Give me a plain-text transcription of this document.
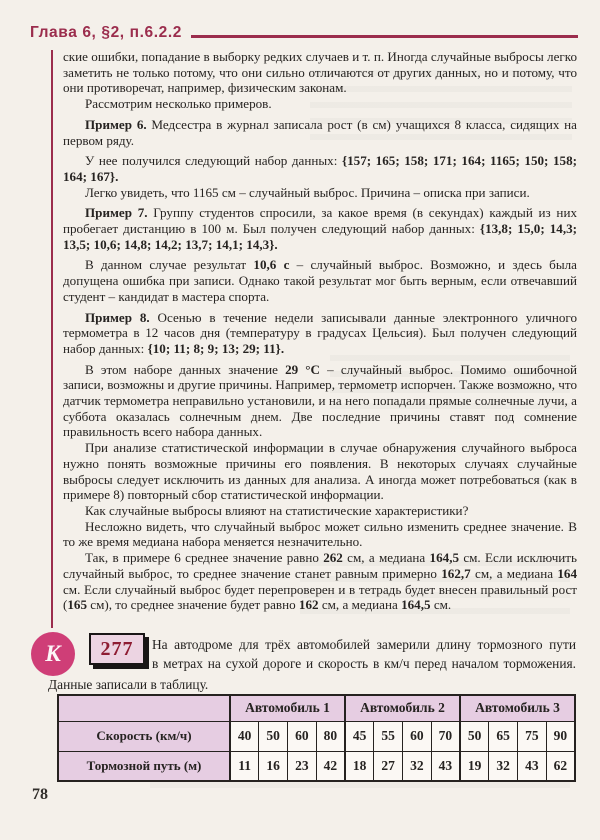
Глава 6, §2, п.6.2.2

ские ошибки, попадание в выборку редких случаев и т. п. Иногда случайные выбросы легко заметить не только потому, что они сильно отличаются от других данных, но и потому, что они противоречат, например, физическим законам.

Рассмотрим несколько примеров.

Пример 6. Медсестра в журнал записала рост (в см) учащихся 8 класса, сидящих на первом ряду.

У нее получился следующий набор данных: {157; 165; 158; 171; 164; 1165; 150; 158; 164; 167}.

Легко увидеть, что 1165 см – случайный выброс. Причина – описка при записи.

Пример 7. Группу студентов спросили, за какое время (в секундах) каждый из них пробегает дистанцию в 100 м. Был получен следующий набор данных: {13,8; 15,0; 14,3; 13,5; 10,6; 14,8; 14,2; 13,7; 14,1; 14,3}.

В данном случае результат 10,6 с – случайный выброс. Возможно, и здесь была допущена ошибка при записи. Однако такой результат мог быть верным, если отвечавший студент – кандидат в мастера спорта.

Пример 8. Осенью в течение недели записывали данные электронного уличного термометра в 12 часов дня (температуру в градусах Цельсия). Был получен следующий набор данных: {10; 11; 8; 9; 13; 29; 11}.

В этом наборе данных значение 29 °С – случайный выброс. Помимо ошибочной записи, возможны и другие причины. Например, термометр испорчен. Также возможно, что датчик термометра неправильно установили, и на него попадали прямые солнечные лучи, а суббота оказалась солнечным днем. Две последние причины ставят под сомнение правильность всего набора данных.

При анализе статистической информации в случае обнаружения случайного выброса нужно понять возможные причины его появления. В некоторых случаях случайные выбросы следует исключить из данных для анализа. А иногда может потребоваться (как в примере 8) повторный сбор статистической информации.

Как случайные выбросы влияют на статистические характеристики?

Несложно видеть, что случайный выброс может сильно изменить среднее значение. В то же время медиана набора меняется незначительно.

Так, в примере 6 среднее значение равно 262 см, а медиана 164,5 см. Если исключить случайный выброс, то среднее значение станет равным примерно 162,7 см, а медиана 164 см. Если случайный выброс будет перепроверен и в тетрадь будет внесен правильный рост (165 см), то среднее значение будет равно 162 см, а медиана 164,5 см.

К 277 На автодроме для трёх автомобилей замерили длину тормозного пути
в метрах на сухой дороге и скорость в км/ч перед началом торможения.
Данные записали в таблицу.
	Автомобиль 1				Автомобиль 2				Автомобиль 3			
Скорость (км/ч)	40	50	60	80	45	55	60	70	50	65	75	90
Тормозной путь (м)	11	16	23	42	18	27	32	43	19	32	43	62
78
